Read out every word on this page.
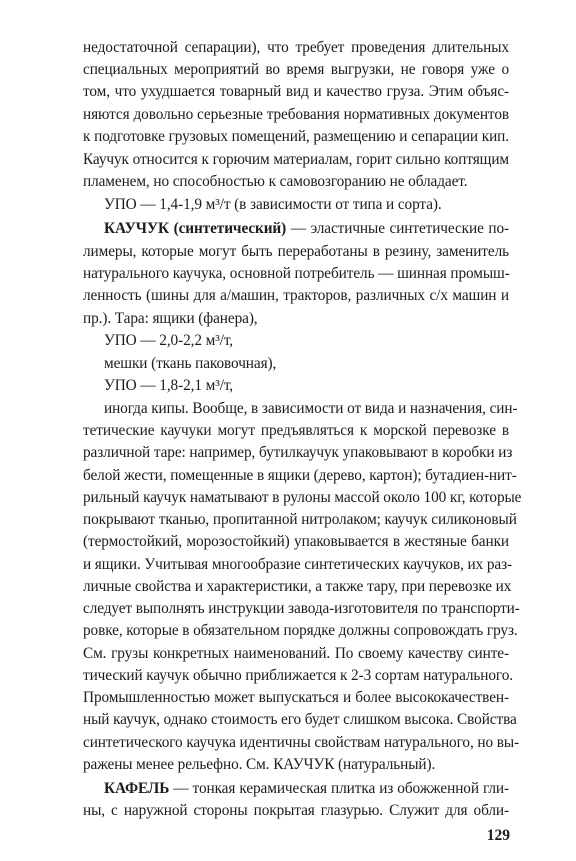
недостаточной сепарации), что требует проведения длительных
специальных мероприятий во время выгрузки, не говоря уже о
том, что ухудшается товарный вид и качество груза. Этим объяс-
няются довольно серьезные требования нормативных документов
к подготовке грузовых помещений, размещению и сепарации кип.
Каучук относится к горючим материалам, горит сильно коптящим
пламенем, но способностью к самовозгоранию не обладает.
УПО — 1,4-1,9 м³/т (в зависимости от типа и сорта).
КАУЧУК (синтетический) — эластичные синтетические по-
лимеры, которые могут быть переработаны в резину, заменитель
натурального каучука, основной потребитель — шинная промыш-
ленность (шины для а/машин, тракторов, различных с/х машин и
пр.). Тара: ящики (фанера),
УПО — 2,0-2,2 м³/т,
мешки (ткань паковочная),
УПО — 1,8-2,1 м³/т,
иногда кипы. Вообще, в зависимости от вида и назначения, син-
тетические каучуки могут предъявляться к морской перевозке в
различной таре: например, бутилкаучук упаковывают в коробки из
белой жести, помещенные в ящики (дерево, картон); бутадиен-нит-
рильный каучук наматывают в рулоны массой около 100 кг, которые
покрывают тканью, пропитанной нитролаком; каучук силиконовый
(термостойкий, морозостойкий) упаковывается в жестяные банки
и ящики. Учитывая многообразие синтетических каучуков, их раз-
личные свойства и характеристики, а также тару, при перевозке их
следует выполнять инструкции завода-изготовителя по транспорти-
ровке, которые в обязательном порядке должны сопровождать груз.
См. грузы конкретных наименований. По своему качеству синте-
тический каучук обычно приближается к 2-3 сортам натурального.
Промышленностью может выпускаться и более высококачествен-
ный каучук, однако стоимость его будет слишком высока. Свойства
синтетического каучука идентичны свойствам натурального, но вы-
ражены менее рельефно. См. КАУЧУК (натуральный).
КАФЕЛЬ — тонкая керамическая плитка из обожженной гли-
ны, с наружной стороны покрытая глазурью. Служит для обли-
129
